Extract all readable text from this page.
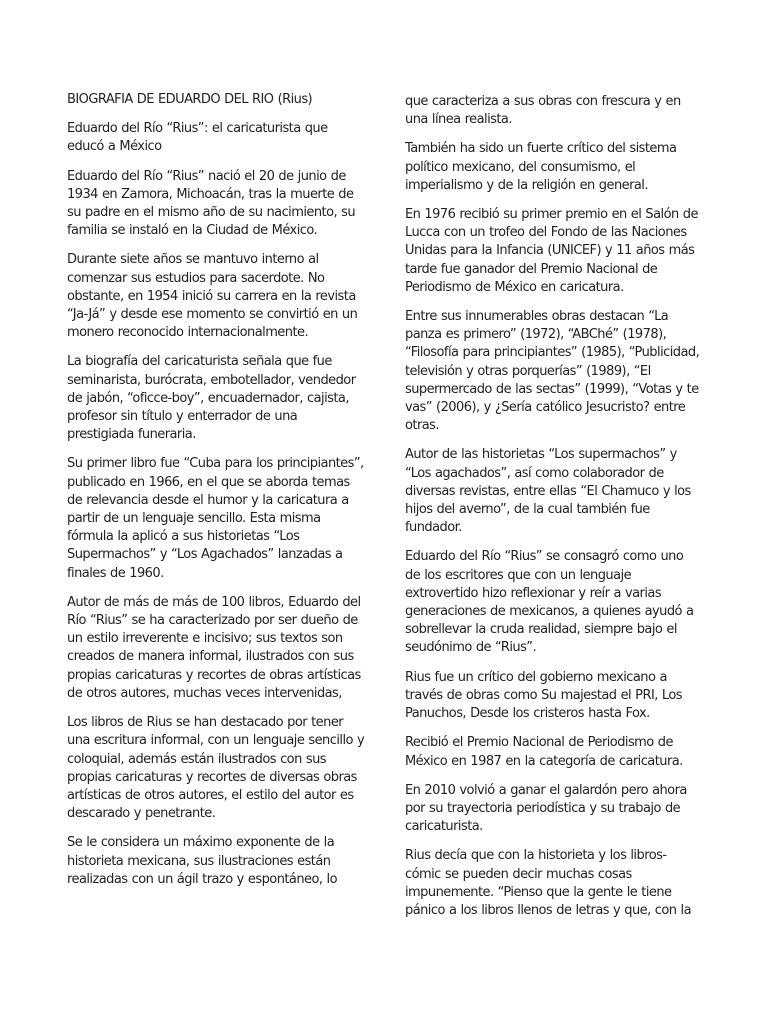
BIOGRAFIA DE EDUARDO DEL RIO (Rius)

Eduardo del Río “Rius”: el caricaturista que educó a México

Eduardo del Río “Rius” nació el 20 de junio de 1934 en Zamora, Michoacán, tras la muerte de su padre en el mismo año de su nacimiento, su familia se instaló en la Ciudad de México.

Durante siete años se mantuvo interno al comenzar sus estudios para sacerdote. No obstante, en 1954 inició su carrera en la revista “Ja-Já” y desde ese momento se convirtió en un monero reconocido internacionalmente.

La biografía del caricaturista señala que fue seminarista, burócrata, embotellador, vendedor de jabón, “oficce-boy”, encuadernador, cajista, profesor sin título y enterrador de una prestigiada funeraria.

Su primer libro fue “Cuba para los principiantes”, publicado en 1966, en el que se aborda temas de relevancia desde el humor y la caricatura a partir de un lenguaje sencillo. Esta misma fórmula la aplicó a sus historietas “Los Supermachos” y “Los Agachados” lanzadas a finales de 1960.

Autor de más de más de 100 libros, Eduardo del Río “Rius” se ha caracterizado por ser dueño de un estilo irreverente e incisivo; sus textos son creados de manera informal, ilustrados con sus propias caricaturas y recortes de obras artísticas de otros autores, muchas veces intervenidas,

Los libros de Rius se han destacado por tener una escritura informal, con un lenguaje sencillo y coloquial, además están ilustrados con sus propias caricaturas y recortes de diversas obras artísticas de otros autores, el estilo del autor es descarado y penetrante.

Se le considera un máximo exponente de la historieta mexicana, sus ilustraciones están realizadas con un ágil trazo y espontáneo, lo

que caracteriza a sus obras con frescura y en una línea realista.

También ha sido un fuerte crítico del sistema político mexicano, del consumismo, el imperialismo y de la religión en general.

En 1976 recibió su primer premio en el Salón de Lucca con un trofeo del Fondo de las Naciones Unidas para la Infancia (UNICEF) y 11 años más tarde fue ganador del Premio Nacional de Periodismo de México en caricatura.

Entre sus innumerables obras destacan “La panza es primero” (1972), “ABChé” (1978), “Filosofía para principiantes” (1985), “Publicidad, televisión y otras porquerías” (1989), “El supermercado de las sectas” (1999), “Votas y te vas” (2006), y ¿Sería católico Jesucristo? entre otras.

Autor de las historietas “Los supermachos” y “Los agachados”, así como colaborador de diversas revistas, entre ellas “El Chamuco y los hijos del averno”, de la cual también fue fundador.

Eduardo del Río “Rius” se consagró como uno de los escritores que con un lenguaje extrovertido hizo reflexionar y reír a varias generaciones de mexicanos, a quienes ayudó a sobrellevar la cruda realidad, siempre bajo el seudónimo de “Rius”.

Rius fue un crítico del gobierno mexicano a través de obras como Su majestad el PRI, Los Panuchos, Desde los cristeros hasta Fox.

Recibió el Premio Nacional de Periodismo de México en 1987 en la categoría de caricatura.

En 2010 volvió a ganar el galardón pero ahora por su trayectoria periodística y su trabajo de caricaturista.

Rius decía que con la historieta y los libros-cómic se pueden decir muchas cosas impunemente. “Pienso que la gente le tiene pánico a los libros llenos de letras y que, con la
